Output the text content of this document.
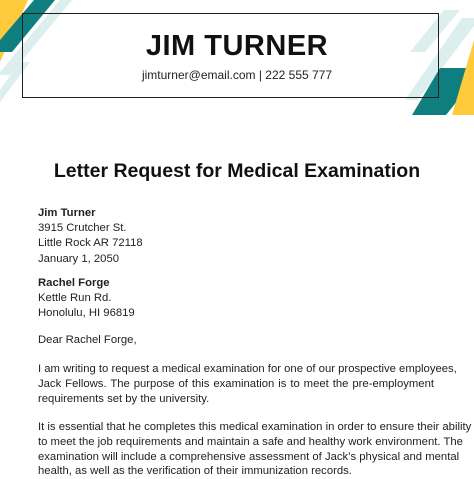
JIM TURNER
jimturner@email.com | 222 555 777
Letter Request for Medical Examination
Jim Turner
3915 Crutcher St.
Little Rock AR 72118
January 1, 2050
Rachel Forge
Kettle Run Rd.
Honolulu, HI 96819
Dear Rachel Forge,
I am writing to request a medical examination for one of our prospective employees,
Jack Fellows. The purpose of this examination is to meet the pre-employment
requirements set by the university.
It is essential that he completes this medical examination in order to ensure their ability
to meet the job requirements and maintain a safe and healthy work environment. The
examination will include a comprehensive assessment of Jack’s physical and mental
health, as well as the verification of their immunization records.
